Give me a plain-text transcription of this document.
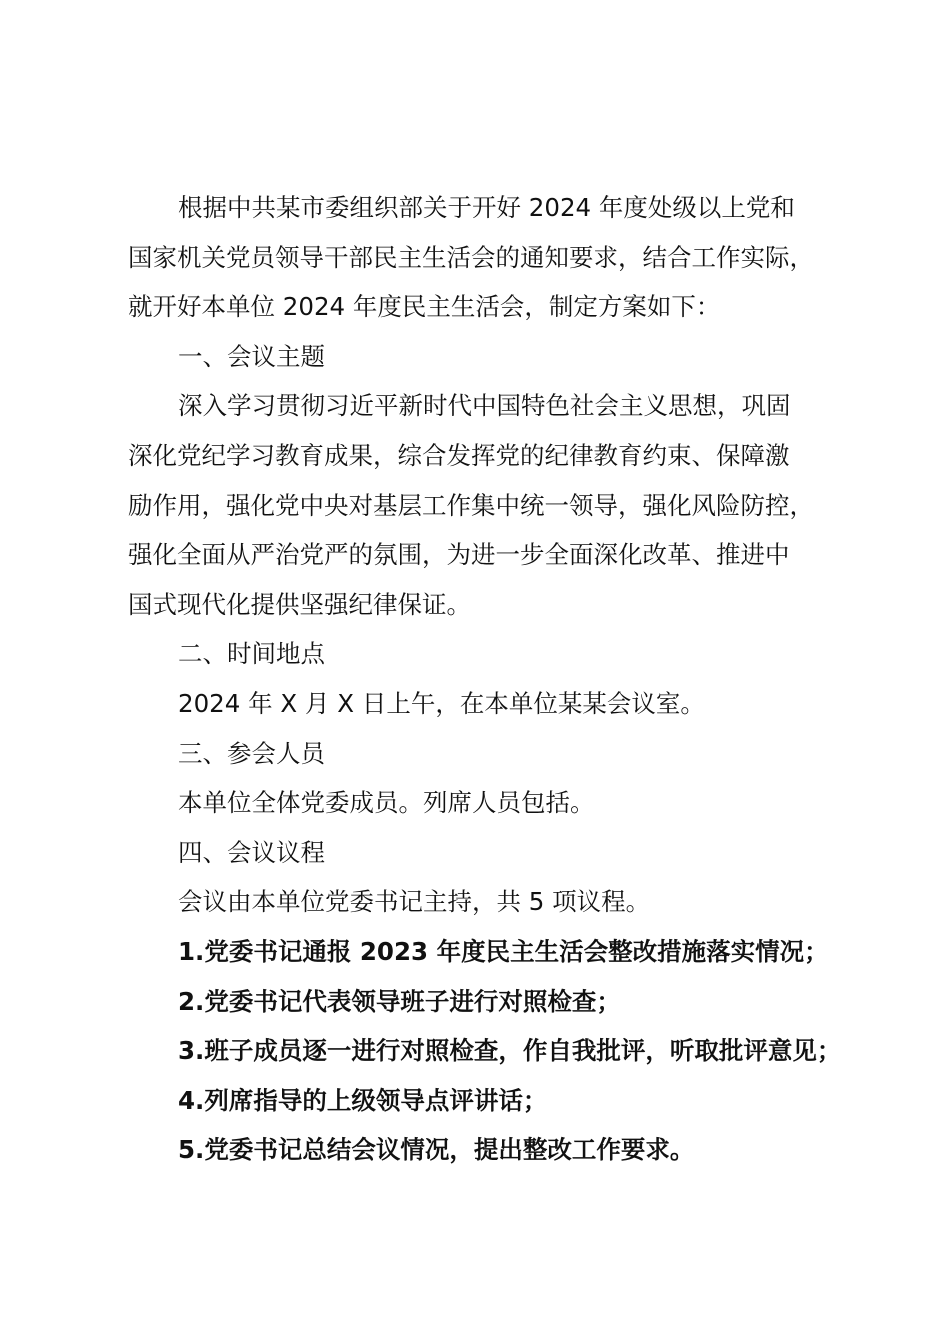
根据中共某市委组织部关于开好 2024 年度处级以上党和
国家机关党员领导干部民主生活会的通知要求，结合工作实际，
就开好本单位 2024 年度民主生活会，制定方案如下：

一、会议主题

深入学习贯彻习近平新时代中国特色社会主义思想，巩固
深化党纪学习教育成果，综合发挥党的纪律教育约束、保障激
励作用，强化党中央对基层工作集中统一领导，强化风险防控，
强化全面从严治党严的氛围，为进一步全面深化改革、推进中
国式现代化提供坚强纪律保证。

二、时间地点

2024 年 X 月 X 日上午，在本单位某某会议室。

三、参会人员

本单位全体党委成员。列席人员包括。

四、会议议程

会议由本单位党委书记主持，共 5 项议程。

1.党委书记通报 2023 年度民主生活会整改措施落实情况；

2.党委书记代表领导班子进行对照检查；

3.班子成员逐一进行对照检查，作自我批评，听取批评意见；

4.列席指导的上级领导点评讲话；

5.党委书记总结会议情况，提出整改工作要求。
